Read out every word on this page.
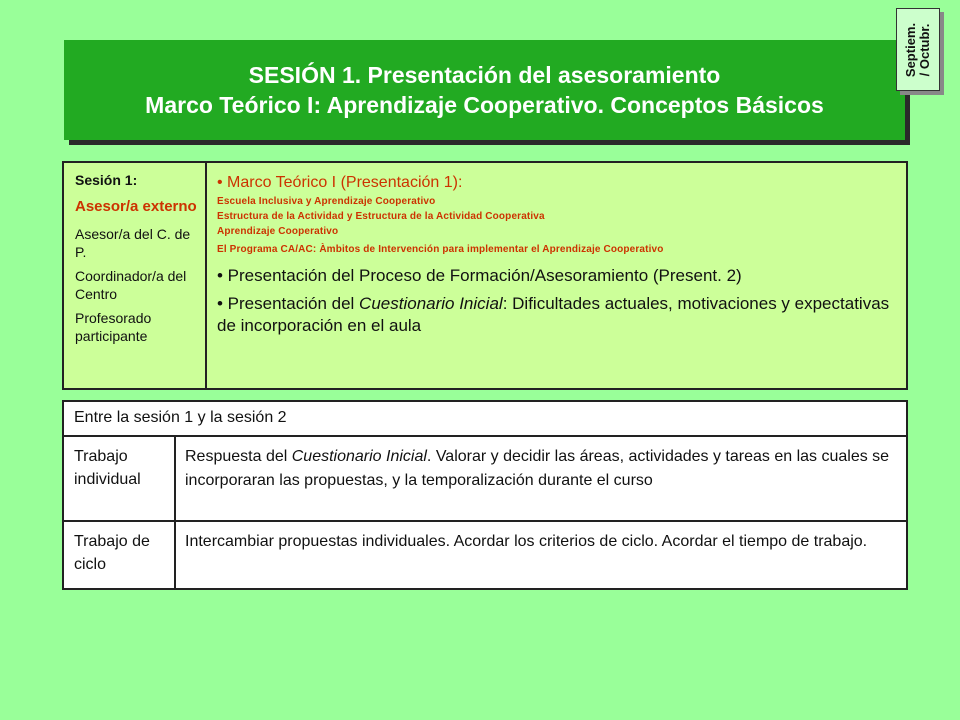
SESIÓN 1. Presentación del asesoramiento
Marco Teórico I: Aprendizaje Cooperativo. Conceptos Básicos
Septiem. / Octubr.
Sesión 1:
Asesor/a externo
Asesor/a del C. de P.
Coordinador/a del Centro
Profesorado participante
• Marco Teórico I (Presentación 1):
Escuela Inclusiva y Aprendizaje Cooperativo
Estructura de la Actividad y Estructura de la Actividad Cooperativa
Aprendizaje Cooperativo
El Programa CA/AC: Àmbitos de Intervención para implementar el Aprendizaje Cooperativo
• Presentación del Proceso de Formación/Asesoramiento (Present. 2)
• Presentación del Cuestionario Inicial: Dificultades actuales, motivaciones y expectativas de incorporación en el aula
Entre la sesión 1 y la sesión 2
Trabajo individual
Respuesta del Cuestionario Inicial. Valorar y decidir las áreas, actividades y tareas en las cuales se incorporaran las propuestas, y la temporalización durante el curso
Trabajo de ciclo
Intercambiar propuestas individuales. Acordar los criterios de ciclo. Acordar el tiempo de trabajo.
